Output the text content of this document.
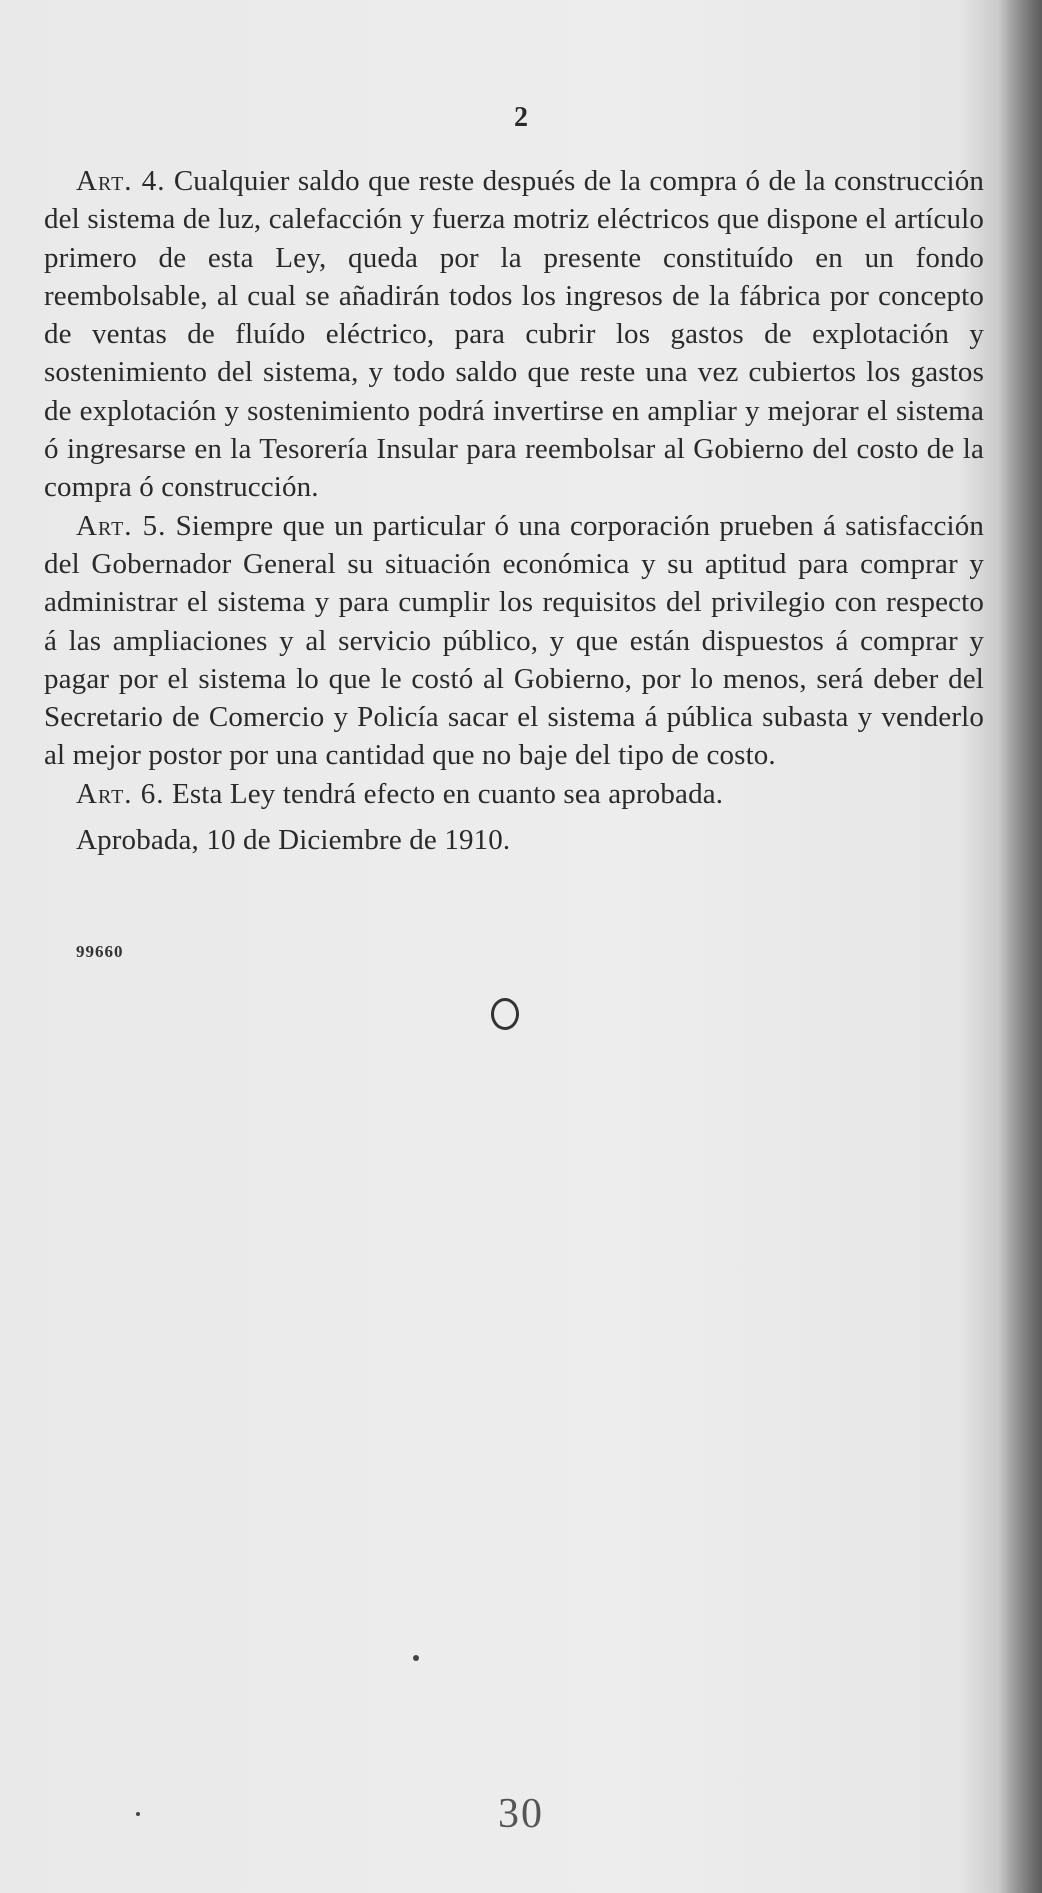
2

Art. 4. Cualquier saldo que reste después de la compra ó de la construcción del sistema de luz, calefacción y fuerza motriz eléctricos que dispone el artículo primero de esta Ley, queda por la presente constituído en un fondo reembolsable, al cual se añadirán todos los ingresos de la fábrica por concepto de ventas de fluído eléctrico, para cubrir los gastos de explotación y sostenimiento del sistema, y todo saldo que reste una vez cubiertos los gastos de explotación y sostenimiento podrá invertirse en ampliar y mejorar el sistema ó ingresarse en la Tesorería Insular para reembolsar al Gobierno del costo de la compra ó construcción.

Art. 5. Siempre que un particular ó una corporación prueben á satisfacción del Gobernador General su situación económica y su aptitud para comprar y administrar el sistema y para cumplir los requisitos del privilegio con respecto á las ampliaciones y al servicio público, y que están dispuestos á comprar y pagar por el sistema lo que le costó al Gobierno, por lo menos, será deber del Secretario de Comercio y Policía sacar el sistema á pública subasta y venderlo al mejor postor por una cantidad que no baje del tipo de costo.

Art. 6. Esta Ley tendrá efecto en cuanto sea aprobada.

Aprobada, 10 de Diciembre de 1910.

99660
30
